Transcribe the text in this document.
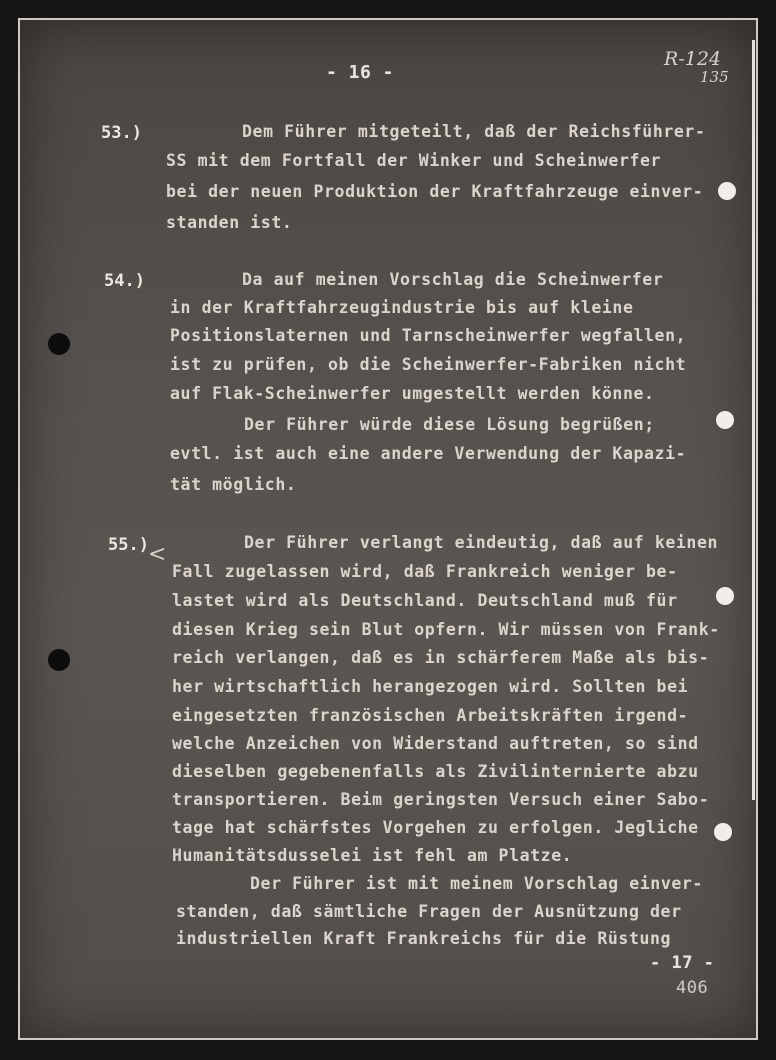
- 16 -
R-124
135
53.)	Dem Führer mitgeteilt, daß der Reichsführer-
SS mit dem Fortfall der Winker und Scheinwerfer
bei der neuen Produktion der Kraftfahrzeuge einver-
standen ist.
54.)	Da auf meinen Vorschlag die Scheinwerfer
in der Kraftfahrzeugindustrie bis auf kleine
Positionslaternen und Tarnscheinwerfer wegfallen,
ist zu prüfen, ob die Scheinwerfer-Fabriken nicht
auf Flak-Scheinwerfer umgestellt werden könne.
Der Führer würde diese Lösung begrüßen;
evtl. ist auch eine andere Verwendung der Kapazi-
tät möglich.
55.) <	Der Führer verlangt eindeutig, daß auf keinen
Fall zugelassen wird, daß Frankreich weniger be-
lastet wird als Deutschland. Deutschland muß für
diesen Krieg sein Blut opfern. Wir müssen von Frank-
reich verlangen, daß es in schärferem Maße als bis-
her wirtschaftlich herangezogen wird. Sollten bei
eingesetzten französischen Arbeitskräften irgend-
welche Anzeichen von Widerstand auftreten, so sind
dieselben gegebenenfalls als Zivilinternierte abzu
transportieren. Beim geringsten Versuch einer Sabo-
tage hat schärfstes Vorgehen zu erfolgen. Jegliche
Humanitätsdusselei ist fehl am Platze.
Der Führer ist mit meinem Vorschlag einver-
standen, daß sämtliche Fragen der Ausnützung der
industriellen Kraft Frankreichs für die Rüstung
- 17 -
406
